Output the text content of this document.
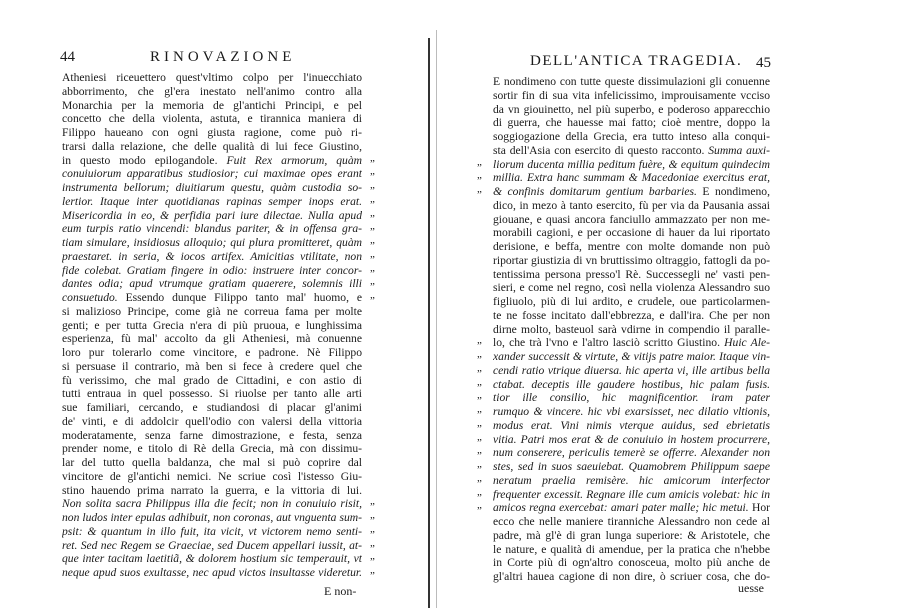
44	RINOVAZIONE
Atheniesi riceuettero quest'vltimo colpo per l'inuecchiato
abborrimento, che gl'era inestato nell'animo contro alla
Monarchia per la memoria de gl'antichi Principi, e pel
concetto che della violenta, astuta, e tirannica maniera di
Filippo haueano con ogni giusta ragione, come può ri-
trarsi dalla relazione, che delle qualità di lui fece Giustino,
in questo modo epilogandole. Fuit Rex armorum, quàm „
conuiuiorum apparatibus studiosior; cui maximae opes erant „
instrumenta bellorum; diuitiarum questu, quàm custodia so- „
lertior. Itaque inter quotidianas rapinas semper inops erat. „
Misericordia in eo, & perfidia pari iure dilectae. Nulla apud „
eum turpis ratio vincendi: blandus pariter, & in offensa gra- „
tiam simulare, insidiosus alloquio; qui plura promitteret, quàm „
praestaret. in seria, & iocos artifex. Amicitias vtilitate, non „
fide colebat. Gratiam fingere in odio: instruere inter concor- „
dantes odia; apud vtrumque gratiam quaerere, solemnis illi „
consuetudo. Essendo dunque Filippo tanto mal' huomo, e „
si malizioso Principe, come già ne correua fama per molte
genti; e per tutta Grecia n'era di più pruoua, e lunghissima
esperienza, fù mal' accolto da gli Atheniesi, mà conuenne
loro pur tolerarlo come vincitore, e padrone. Nè Filippo
si persuase il contrario, mà ben si fece à credere quel che
fù verissimo, che mal grado de Cittadini, e con astio di
tutti entraua in quel possesso. Si riuolse per tanto alle arti
sue familiari, cercando, e studiandosi di placar gl'animi
de' vinti, e di addolcir quell'odio con valersi della vittoria
moderatamente, senza farne dimostrazione, e festa, senza
prender nome, e titolo di Rè della Grecia, mà con dissimu-
lar del tutto quella baldanza, che mal si può coprire dal
vincitore de gl'antichi nemici. Ne scriue così l'istesso Giu-
stino hauendo prima narrato la guerra, e la vittoria di lui.
Non solita sacra Philippus illa die fecit; non in conuiuio risit, „
non ludos inter epulas adhibuit, non coronas, aut vnguenta sum- „
psit: & quantum in illo fuit, ita vicit, vt victorem nemo senti- „
ret. Sed nec Regem se Graeciae, sed Ducem appellari iussit, at- „
que inter tacitam laetitiã, & dolorem hostium sic temperauit, vt „
neque apud suos exultasse, nec apud victos insultasse videretur. „
E non-
DELL'ANTICA TRAGEDIA. 45
E nondimeno con tutte queste dissimulazioni gli conuenne
sortir fin di sua vita infelicissimo, improuisamente vcciso
da vn giouinetto, nel più superbo, e poderoso apparecchio
di guerra, che hauesse mai fatto; cioè mentre, doppo la
soggiogazione della Grecia, era tutto inteso alla conqui-
sta dell'Asia con esercito di questo racconto. Summa auxi-
liorum ducenta millia peditum fuère, & equitum quindecim
„
millia. Extra hanc summam & Macedoniae exercitus erat,
„
& confinis domitarum gentium barbaries. E nondimeno,
„
dico, in mezo à tanto esercito, fù per via da Pausania assai
giouane, e quasi ancora fanciullo ammazzato per non me-
morabili cagioni, e per occasione di hauer da lui riportato
derisione, e beffa, mentre con molte domande non può
riportar giustizia di vn bruttissimo oltraggio, fattogli da po-
tentissima persona presso'l Rè. Successegli ne' vasti pen-
sieri, e come nel regno, così nella violenza Alessandro suo
figliuolo, più di lui ardito, e crudele, oue particolarmen-
te ne fosse incitato dall'ebbrezza, e dall'ira. Che per non
dirne molto, basteuol sarà vdirne in compendio il paralle-
lo, che trà l'vno e l'altro lasciò scritto Giustino. Huic Ale-
„
xander successit & virtute, & vitijs patre maior. Itaque vin-
„
cendi ratio vtrique diuersa. hic aperta vi, ille artibus bella
„
ctabat. deceptis ille gaudere hostibus, hic palam fusis.
„
tior ille consilio, hic magnificentior. iram pater
„
rumquo & vincere. hic vbi exarsisset, nec dilatio vltionis,
„
modus erat. Vini nimis vterque auidus, sed ebrietatis
„
vitia. Patri mos erat & de conuiuio in hostem procurrere,
„
num conserere, periculis temerè se offerre. Alexander non
„
stes, sed in suos saeuiebat. Quamobrem Philippum saepe
„
neratum praelia remisère. hic amicorum interfector
„
frequenter excessit. Regnare ille cum amicis volebat: hic in
„
amicos regna exercebat: amari pater malle; hic metui. Hor
„
ecco che nelle maniere tiranniche Alessandro non cede al
padre, mà gl'è di gran lunga superiore: & Aristotele, che
le nature, e qualità di amendue, per la pratica che n'hebbe
in Corte più di ogn'altro conosceua, molto più anche de
gl'altri hauea cagione di non dire, ò scriuer cosa, che do-
uesse
